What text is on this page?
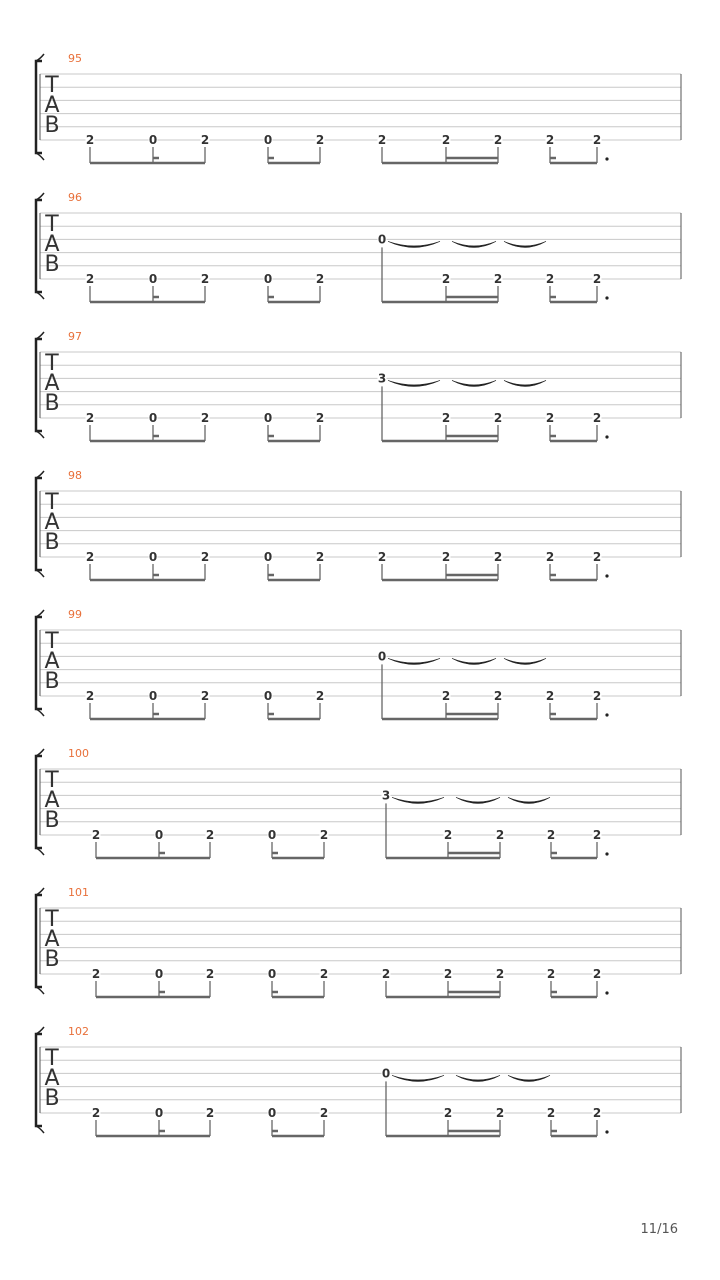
95
T
A
B
2	0	2	0	2	2	2	2	2	2
96
T
A
B
2	0	2	0	2
0
2	2	2	2
97
T
A
B
2	0	2	0	2
3
2	2	2	2
98
T
A
B
2	0	2	0	2	2	2	2	2	2
99
T
A
B
2	0	2	0	2
0
2	2	2	2
100
T
A
B
2	0	2	0	2
3
2	2	2	2
101
T
A
B
2	0	2	0	2	2	2	2	2	2
102
T
A
B
2	0	2	0	2
0
2	2	2	2
11/16
